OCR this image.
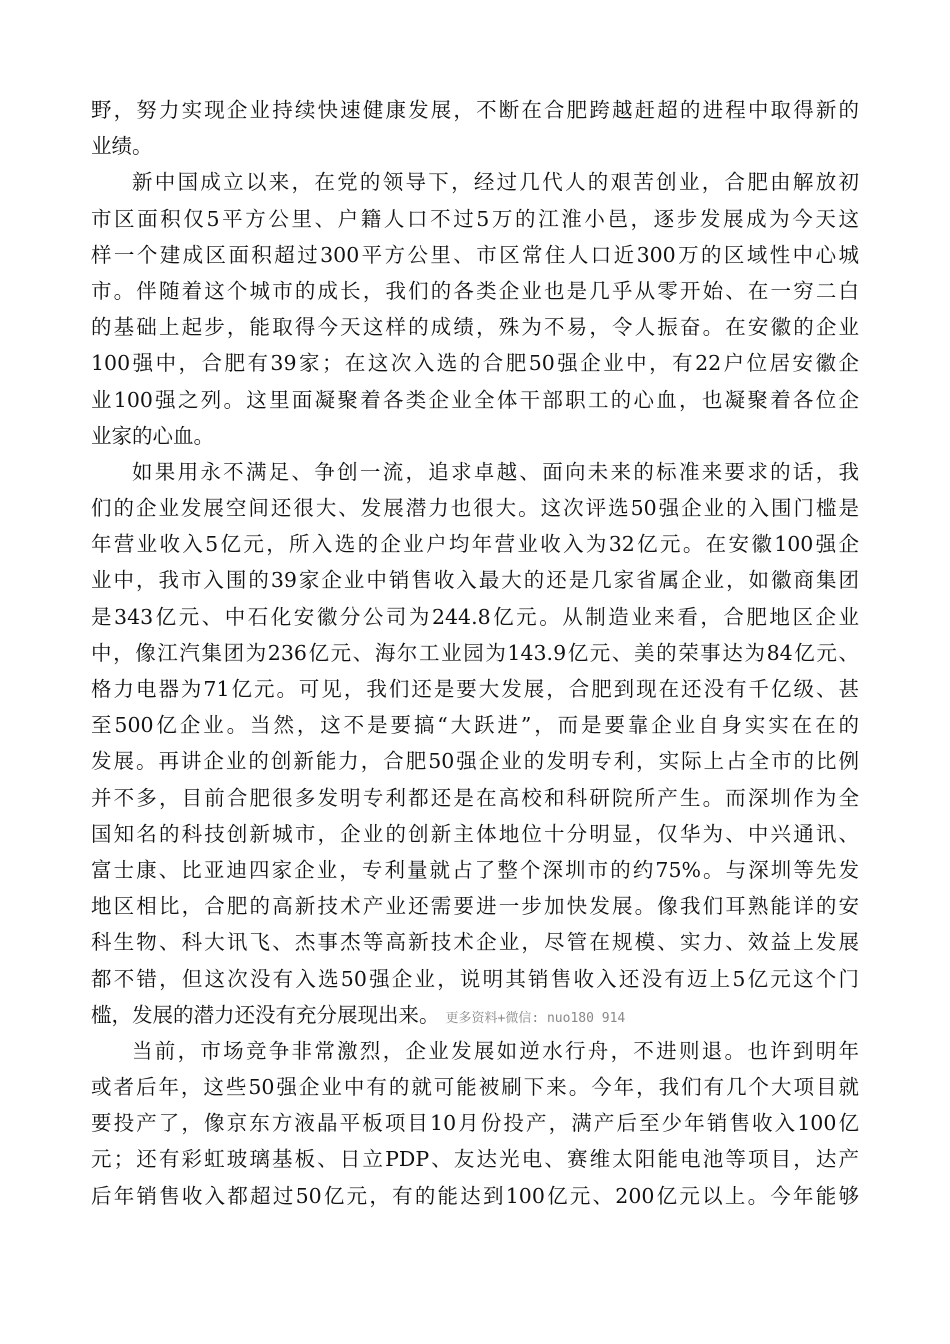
野，努力实现企业持续快速健康发展，不断在合肥跨越赶超的进程中取得新的
业绩。
新中国成立以来，在党的领导下，经过几代人的艰苦创业，合肥由解放初
市区面积仅5平方公里、户籍人口不过5万的江淮小邑，逐步发展成为今天这
样一个建成区面积超过300平方公里、市区常住人口近300万的区域性中心城
市。伴随着这个城市的成长，我们的各类企业也是几乎从零开始、在一穷二白
的基础上起步，能取得今天这样的成绩，殊为不易，令人振奋。在安徽的企业
100强中，合肥有39家；在这次入选的合肥50强企业中，有22户位居安徽企
业100强之列。这里面凝聚着各类企业全体干部职工的心血，也凝聚着各位企
业家的心血。
如果用永不满足、争创一流，追求卓越、面向未来的标准来要求的话，我
们的企业发展空间还很大、发展潜力也很大。这次评选50强企业的入围门槛是
年营业收入5亿元，所入选的企业户均年营业收入为32亿元。在安徽100强企
业中，我市入围的39家企业中销售收入最大的还是几家省属企业，如徽商集团
是343亿元、中石化安徽分公司为244.8亿元。从制造业来看，合肥地区企业
中，像江汽集团为236亿元、海尔工业园为143.9亿元、美的荣事达为84亿元、
格力电器为71亿元。可见，我们还是要大发展，合肥到现在还没有千亿级、甚
至500亿企业。当然，这不是要搞“大跃进”，而是要靠企业自身实实在在的
发展。再讲企业的创新能力，合肥50强企业的发明专利，实际上占全市的比例
并不多，目前合肥很多发明专利都还是在高校和科研院所产生。而深圳作为全
国知名的科技创新城市，企业的创新主体地位十分明显，仅华为、中兴通讯、
富士康、比亚迪四家企业，专利量就占了整个深圳市的约75%。与深圳等先发
地区相比，合肥的高新技术产业还需要进一步加快发展。像我们耳熟能详的安
科生物、科大讯飞、杰事杰等高新技术企业，尽管在规模、实力、效益上发展
都不错，但这次没有入选50强企业，说明其销售收入还没有迈上5亿元这个门
槛，发展的潜力还没有充分展现出来。 更多资料+微信: nuo180 914
当前，市场竞争非常激烈，企业发展如逆水行舟，不进则退。也许到明年
或者后年，这些50强企业中有的就可能被刷下来。今年，我们有几个大项目就
要投产了，像京东方液晶平板项目10月份投产，满产后至少年销售收入100亿
元；还有彩虹玻璃基板、日立PDP、友达光电、赛维太阳能电池等项目，达产
后年销售收入都超过50亿元，有的能达到100亿元、200亿元以上。今年能够
